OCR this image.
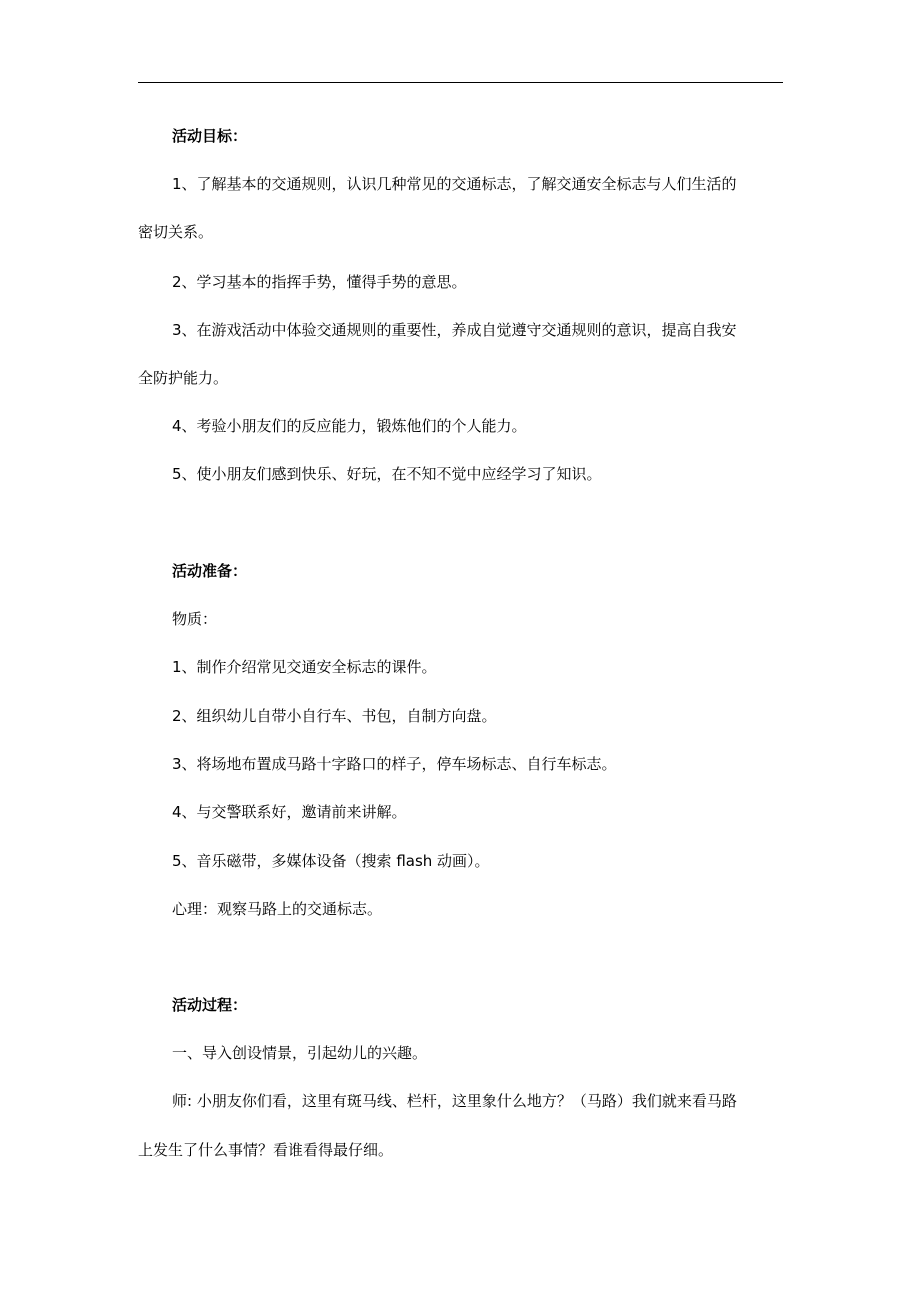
活动目标：
1、了解基本的交通规则，认识几种常见的交通标志，了解交通安全标志与人们生活的
密切关系。
2、学习基本的指挥手势，懂得手势的意思。
3、在游戏活动中体验交通规则的重要性，养成自觉遵守交通规则的意识，提高自我安
全防护能力。
4、考验小朋友们的反应能力，锻炼他们的个人能力。
5、使小朋友们感到快乐、好玩，在不知不觉中应经学习了知识。
活动准备：
物质：
1、制作介绍常见交通安全标志的课件。
2、组织幼儿自带小自行车、书包，自制方向盘。
3、将场地布置成马路十字路口的样子，停车场标志、自行车标志。
4、与交警联系好，邀请前来讲解。
5、音乐磁带，多媒体设备（搜索 flash 动画）。
心理：观察马路上的交通标志。
活动过程：
一、导入创设情景，引起幼儿的兴趣。
师: 小朋友你们看，这里有斑马线、栏杆，这里象什么地方？（马路）我们就来看马路
上发生了什么事情？看谁看得最仔细。
